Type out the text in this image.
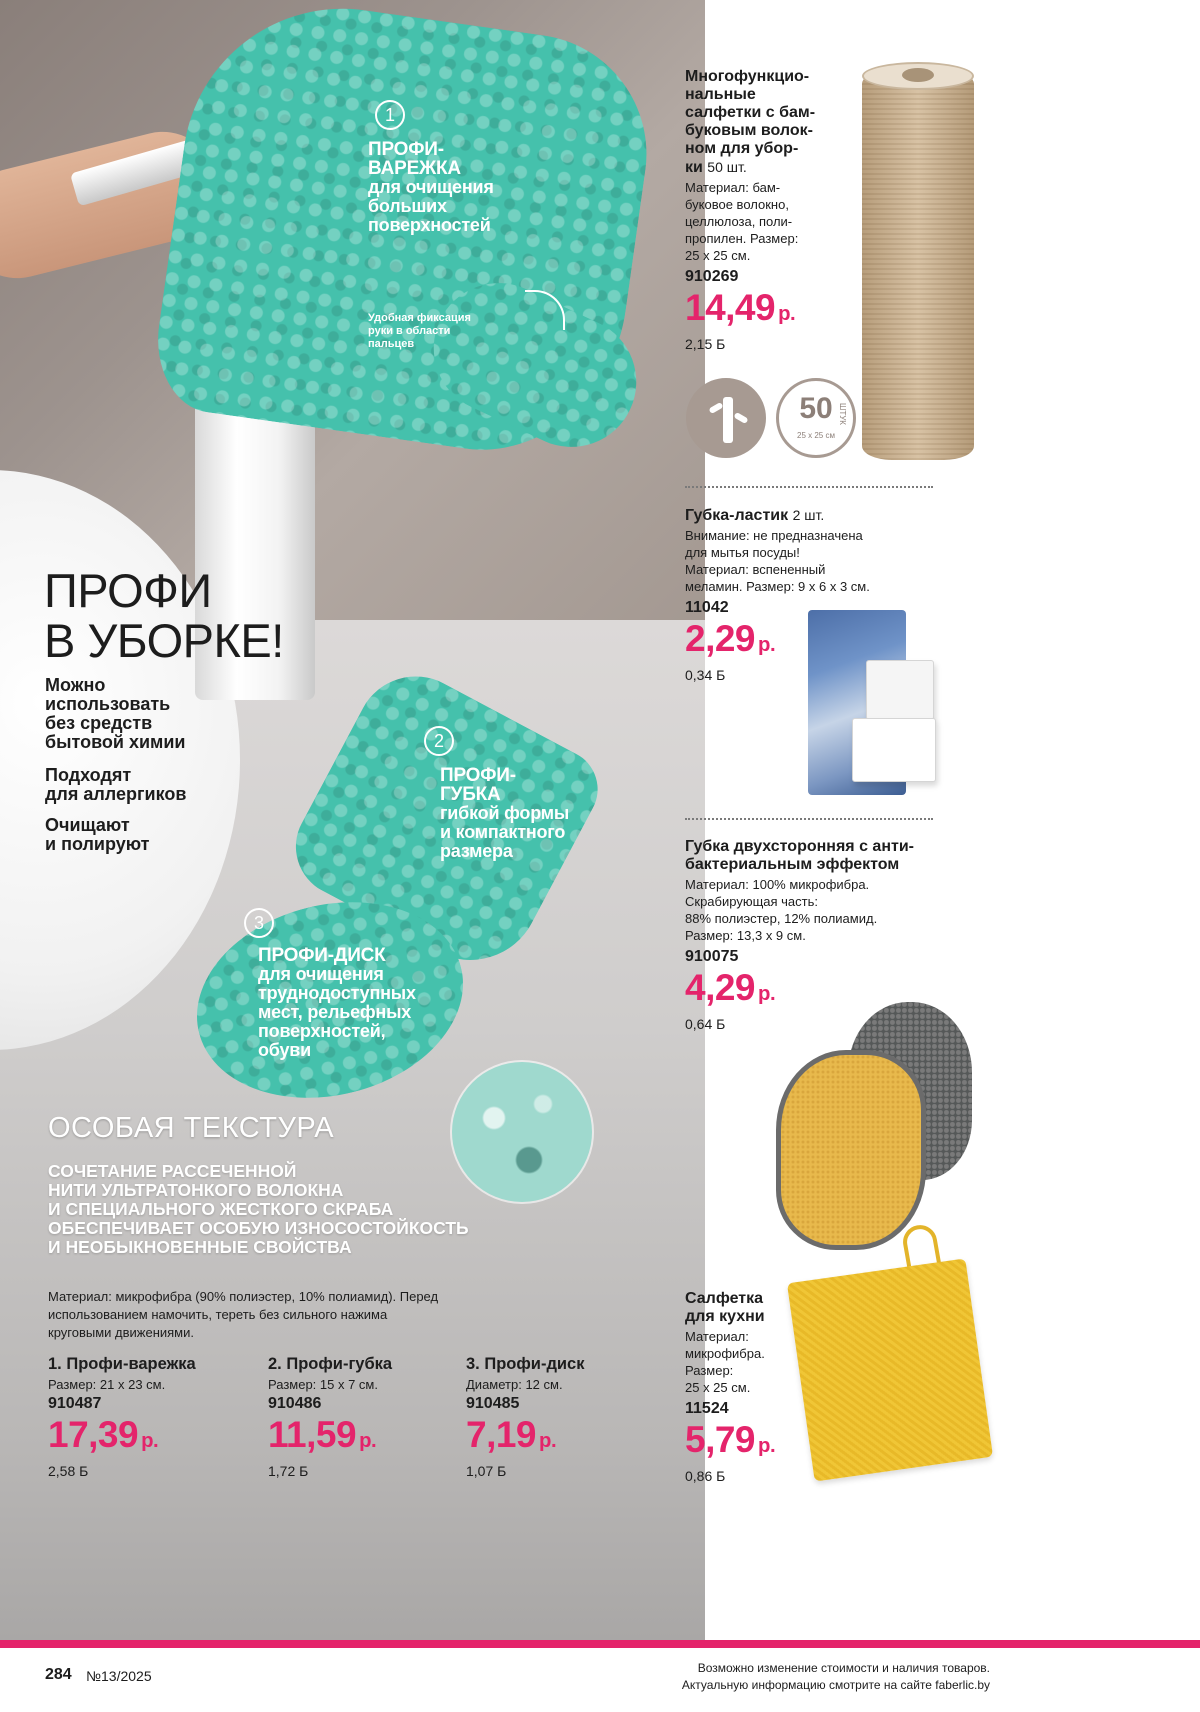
1
ПРОФИ-
ВАРЕЖКА
для очищения
больших
поверхностей
Удобная фиксация
руки в области
пальцев
2
ПРОФИ-
ГУБКА
гибкой формы
и компактного
размера
3
ПРОФИ-ДИСК
для очищения
труднодоступных
мест, рельефных
поверхностей,
обуви
ПРОФИ
В УБОРКЕ!
Можно
использовать
без средств
бытовой химии
Подходят
для аллергиков
Очищают
и полируют
ОСОБАЯ ТЕКСТУРА
СОЧЕТАНИЕ РАССЕЧЕННОЙ
НИТИ УЛЬТРАТОНКОГО ВОЛОКНА
И СПЕЦИАЛЬНОГО ЖЕСТКОГО СКРАБА
ОБЕСПЕЧИВАЕТ ОСОБУЮ ИЗНОСОСТОЙКОСТЬ
И НЕОБЫКНОВЕННЫЕ СВОЙСТВА
Материал: микрофибра (90% полиэстер, 10% полиамид). Перед
использованием намочить, тереть без сильного нажима
круговыми движениями.
1. Профи-варежка
Размер: 21 x 23 см.
910487
17,39 р.
2,58 Б
2. Профи-губка
Размер: 15 x 7 см.
910486
11,59 р.
1,72 Б
3. Профи-диск
Диаметр: 12 см.
910485
7,19 р.
1,07 Б
Многофункцио-
нальные
салфетки с бам-
буковым волок-
ном для убор-
ки 50 шт.
Материал: бам-
буковое волокно,
целлюлоза, поли-
пропилен. Размер:
25 x 25 см.
910269
14,49 р.
2,15 Б
50
25 x 25 см
ШТУК
Губка-ластик 2 шт.
Внимание: не предназначена
для мытья посуды!
Материал: вспененный
меламин. Размер: 9 x 6 x 3 см.
11042
2,29 р.
0,34 Б
Губка двухсторонняя с анти-
бактериальным эффектом
Материал: 100% микрофибра.
Скрабирующая часть:
88% полиэстер, 12% полиамид.
Размер: 13,3 x 9 см.
910075
4,29 р.
0,64 Б
Салфетка
для кухни
Материал:
микрофибра.
Размер:
25 x 25 см.
11524
5,79 р.
0,86 Б
284 №13/2025	Возможно изменение стоимости и наличия товаров.
Актуальную информацию смотрите на сайте faberlic.by
